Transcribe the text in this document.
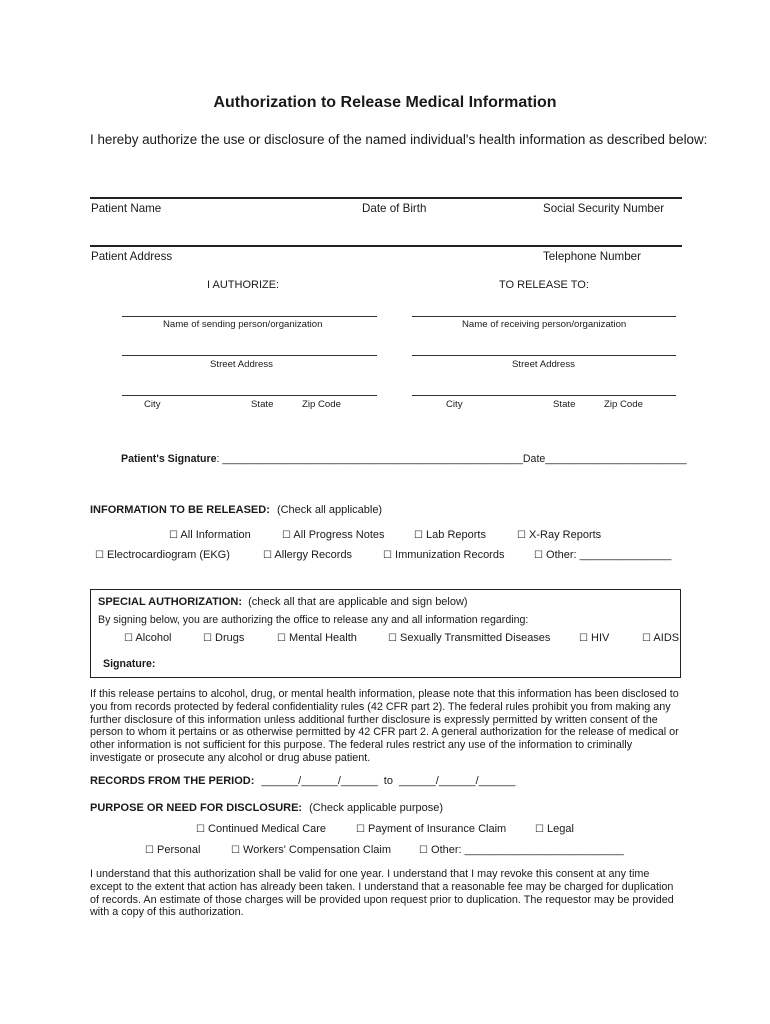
Authorization to Release Medical Information
I hereby authorize the use or disclosure of the named individual's health information as described below:
Patient Name	Date of Birth	Social Security Number
Patient Address	Telephone Number
I AUTHORIZE:	TO RELEASE TO:
Name of sending person/organization	Name of receiving person/organization
Street Address	Street Address
City	State	Zip Code	City	State	Zip Code
Patient's Signature: ___________________________________________________Date________________________
INFORMATION TO BE RELEASED: (Check all applicable)
☐ All Information	☐ All Progress Notes	☐ Lab Reports	☐ X-Ray Reports
☐ Electrocardiogram (EKG)	☐ Allergy Records	☐ Immunization Records	☐ Other: _______________
SPECIAL AUTHORIZATION: (check all that are applicable and sign below)
By signing below, you are authorizing the office to release any and all information regarding:
☐ Alcohol	☐ Drugs	☐ Mental Health	☐ Sexually Transmitted Diseases	☐ HIV	☐ AIDS
Signature:
If this release pertains to alcohol, drug, or mental health information, please note that this information has been disclosed to
you from records protected by federal confidentiality rules (42 CFR part 2). The federal rules prohibit you from making any
further disclosure of this information unless additional further disclosure is expressly permitted by written consent of the
person to whom it pertains or as otherwise permitted by 42 CFR part 2. A general authorization for the release of medical or
other information is not sufficient for this purpose. The federal rules restrict any use of the information to criminally
investigate or prosecute any alcohol or drug abuse patient.
RECORDS FROM THE PERIOD: ______/______/______  to  ______/______/______
PURPOSE OR NEED FOR DISCLOSURE: (Check applicable purpose)
☐ Continued Medical Care	☐ Payment of Insurance Claim	☐ Legal
☐ Personal	☐ Workers' Compensation Claim	☐ Other: __________________________
I understand that this authorization shall be valid for one year. I understand that I may revoke this consent at any time
except to the extent that action has already been taken. I understand that a reasonable fee may be charged for duplication
of records. An estimate of those charges will be provided upon request prior to duplication. The requestor may be provided
with a copy of this authorization.
